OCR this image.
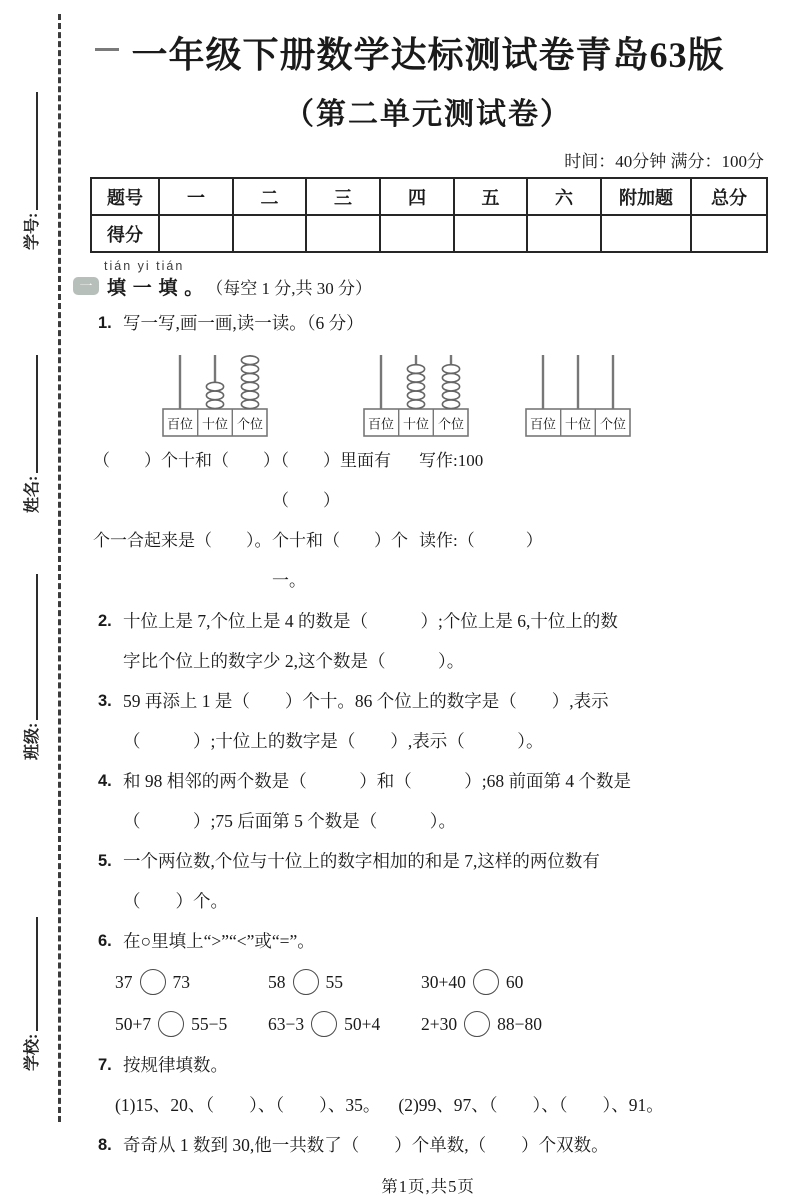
学号:
姓名:
班级:
学校:
一年级下册数学达标测试卷青岛63版
（第二单元测试卷）
时间：40分钟 满分：100分
题号	一	二	三	四	五	六	附加题	总分
得分								
tián yi tián
一 填 一 填 。 （每空 1 分,共 30 分）
1. 写一写,画一画,读一读。（6 分）
百位 十位 个位	百位 十位 个位	百位 十位 个位
（　　）个十和（　　）
（　　）里面有（　　）
写作:100
个一合起来是（　　）。 个十和（　　）个一。
读作:（　　　）
2. 十位上是 7,个位上是 4 的数是（　　　）;个位上是 6,十位上的数
字比个位上的数字少 2,这个数是（　　　）。
3. 59 再添上 1 是（　　）个十。86 个位上的数字是（　　）,表示
（　　　）;十位上的数字是（　　）,表示（　　　）。
4. 和 98 相邻的两个数是（　　　）和（　　　）;68 前面第 4 个数是
（　　　）;75 后面第 5 个数是（　　　）。
5. 一个两位数,个位与十位上的数字相加的和是 7,这样的两位数有
（　　）个。
6. 在○里填上“>”“<”或“=”。
37 73	58 55	30+40 60
50+7 55−5 63−3 50+4 2+30 88−80
7. 按规律填数。
(1)15、20、（　　）、（　　）、35。 (2)99、97、（　　）、（　　）、91。
8. 奇奇从 1 数到 30,他一共数了（　　）个单数,（　　）个双数。
第1页,共5页
